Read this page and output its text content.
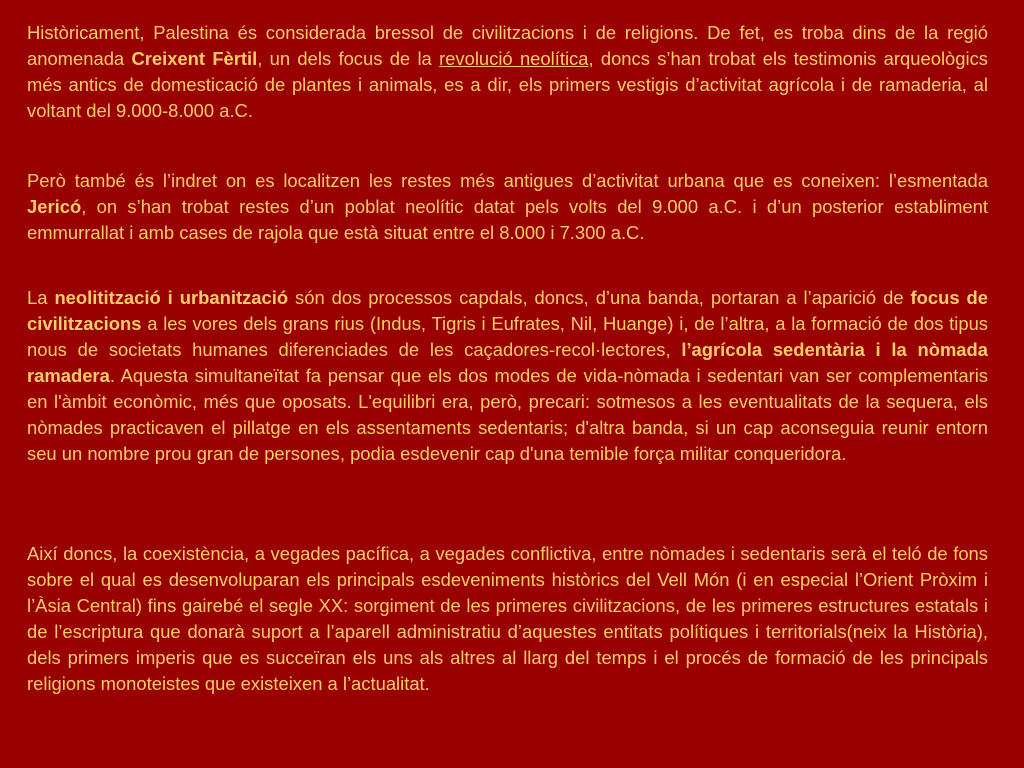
Històricament, Palestina és considerada bressol de civilitzacions i de religions. De fet, es troba dins de la regió anomenada Creixent Fèrtil, un dels focus de la revolució neolítica, doncs s’han trobat els testimonis arqueològics més antics de domesticació de plantes i animals, es a dir, els primers vestigis d’activitat agrícola i de ramaderia, al voltant del 9.000-8.000 a.C.

Però també és l’indret on es localitzen les restes més antigues d’activitat urbana que es coneixen: l’esmentada Jericó, on s’han trobat restes d’un poblat neolític datat pels volts del 9.000 a.C. i d’un posterior establiment emmurrallat i amb cases de rajola que està situat entre el 8.000 i 7.300 a.C.

La neolitització i urbanització són dos processos capdals, doncs, d’una banda, portaran a l’aparició de focus de civilitzacions a les vores dels grans rius (Indus, Tigris i Eufrates, Nil, Huange) i, de l’altra, a la formació de dos tipus nous de societats humanes diferenciades de les caçadores-recol·lectores, l’agrícola sedentària i la nòmada ramadera. Aquesta simultaneïtat fa pensar que els dos modes de vida-nòmada i sedentari van ser complementaris en l'àmbit econòmic, més que oposats. L'equilibri era, però, precari: sotmesos a les eventualitats de la sequera, els nòmades practicaven el pillatge en els assentaments sedentaris; d'altra banda, si un cap aconseguia reunir entorn seu un nombre prou gran de persones, podia esdevenir cap d'una temible força militar conqueridora.

Així doncs, la coexistència, a vegades pacífica, a vegades conflictiva, entre nòmades i sedentaris serà el teló de fons sobre el qual es desenvoluparan els principals esdeveniments històrics del Vell Món (i en especial l’Orient Pròxim i l’Àsia Central) fins gairebé el segle XX: sorgiment de les primeres civilitzacions, de les primeres estructures estatals i de l’escriptura que donarà suport a l’aparell administratiu d’aquestes entitats polítiques i territorials(neix la Història), dels primers imperis que es succeïran els uns als altres al llarg del temps i el procés de formació de les principals religions monoteistes que existeixen a l’actualitat.
